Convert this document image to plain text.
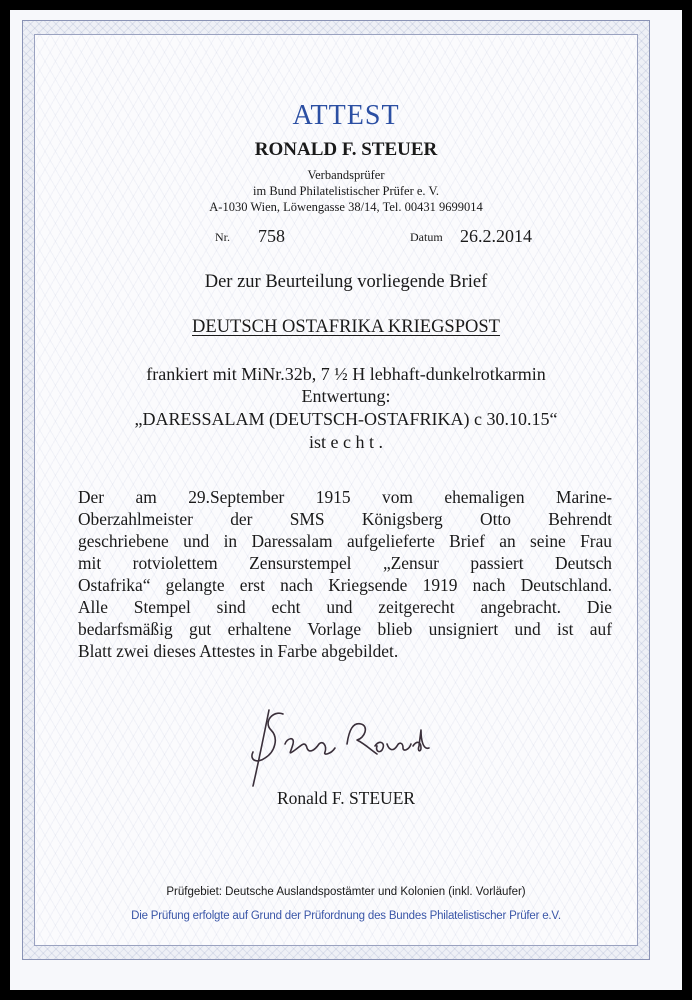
ATTEST
RONALD F. STEUER
Verbandsprüfer
im Bund Philatelistischer Prüfer e. V.
A-1030 Wien, Löwengasse 38/14, Tel. 00431 9699014
Nr. 758	Datum 26.2.2014
Der zur Beurteilung vorliegende Brief
DEUTSCH OSTAFRIKA KRIEGSPOST
frankiert mit MiNr.32b, 7 ½ H lebhaft-dunkelrotkarmin
Entwertung:
„DARESSALAM (DEUTSCH-OSTAFRIKA) c 30.10.15“
ist e c h t .
Der am 29.September 1915 vom ehemaligen Marine-
Oberzahlmeister der SMS Königsberg Otto Behrendt
geschriebene und in Daressalam aufgelieferte Brief an seine Frau
mit rotviolettem Zensurstempel „Zensur passiert Deutsch
Ostafrika“ gelangte erst nach Kriegsende 1919 nach Deutschland.
Alle Stempel sind echt und zeitgerecht angebracht. Die
bedarfsmäßig gut erhaltene Vorlage blieb unsigniert und ist auf
Blatt zwei dieses Attestes in Farbe abgebildet.
Ronald F. STEUER
Prüfgebiet: Deutsche Auslandspostämter und Kolonien (inkl. Vorläufer)
Die Prüfung erfolgte auf Grund der Prüfordnung des Bundes Philatelistischer Prüfer e.V.
